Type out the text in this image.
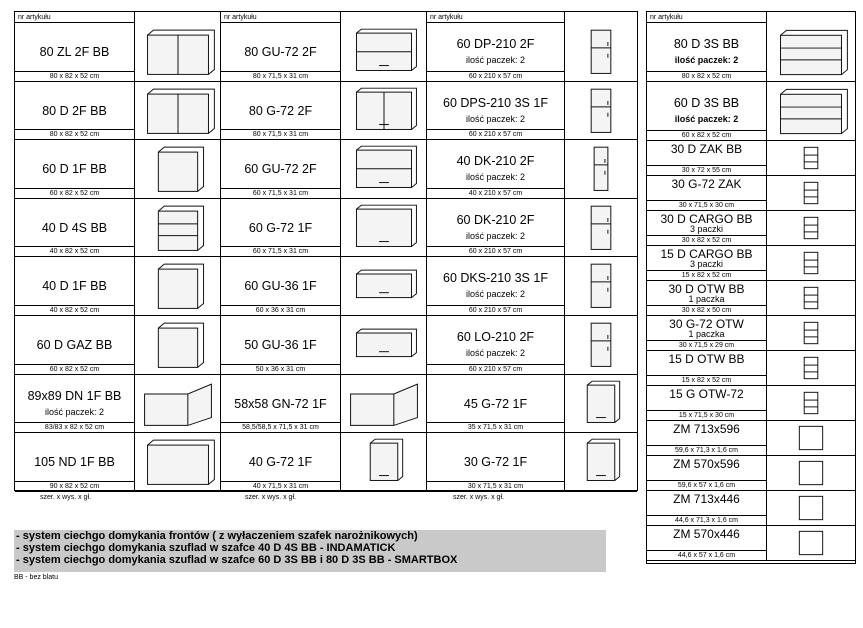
nr artykułu
80 ZL 2F BB
80 x 82 x 52 cm
80 D 2F BB
80 x 82 x 52 cm
60 D 1F BB
60 x 82 x 52 cm
40 D 4S BB
40 x 82 x 52 cm
40 D 1F BB
40 x 82 x 52 cm
60 D GAZ BB
60 x 82 x 52 cm
89x89 DN 1F BB
ilość paczek: 2
83/83 x 82 x 52 cm
105 ND 1F BB
90 x 82 x 52 cm
nr artykułu
80 GU-72 2F
80 x 71,5 x 31 cm
80 G-72 2F
80 x 71,5 x 31 cm
60 GU-72 2F
60 x 71,5 x 31 cm
60 G-72 1F
60 x 71,5 x 31 cm
60 GU-36 1F
60 x 36 x 31 cm
50 GU-36 1F
50 x 36 x 31 cm
58x58 GN-72 1F
58,5/58,5 x 71,5 x 31 cm
40 G-72 1F
40 x 71,5 x 31 cm
nr artykułu
60 DP-210 2F
ilość paczek: 2
60 x 210 x 57 cm
60 DPS-210 3S 1F
ilość paczek: 2
60 x 210 x 57 cm
40 DK-210 2F
ilość paczek: 2
40 x 210 x 57 cm
60 DK-210 2F
ilość paczek: 2
60 x 210 x 57 cm
60 DKS-210 3S 1F
ilość paczek: 2
60 x 210 x 57 cm
60 LO-210 2F
ilość paczek: 2
60 x 210 x 57 cm
45 G-72 1F
35 x 71,5 x 31 cm
30 G-72 1F
30 x 71,5 x 31 cm
nr artykułu
80 D 3S BB
ilość paczek: 2
80 x 82 x 52 cm
60 D 3S BB
ilość paczek: 2
60 x 82 x 52 cm
30 D ZAK BB
30 x 72 x 55 cm
30 G-72 ZAK
30 x 71,5 x 30 cm
30 D CARGO BB
3 paczki
30 x 82 x 52 cm
15 D CARGO BB
3 paczki
15 x 82 x 52 cm
30 D OTW BB
1 paczka
30 x 82 x 50 cm
30 G-72 OTW
1 paczka
30 x 71,5 x 29 cm
15 D OTW BB
15 x 82 x 52 cm
15 G OTW-72
15 x 71,5 x 30 cm
ZM 713x596
59,6 x 71,3 x 1,6 cm
ZM 570x596
59,6 x 57 x 1,6 cm
ZM 713x446
44,6 x 71,3 x 1,6 cm
ZM 570x446
44,6 x 57 x 1,6 cm
szer. x wys. x gł.	szer. x wys. x gł.	szer. x wys. x gł.
- system ciechgo domykania frontów ( z wyłaczeniem szafek narożnikowych)
- system ciechgo domykania szuflad w szafce 40 D 4S BB - INDAMATICK
- system ciechgo domykania szuflad w szafce 60 D 3S BB i 80 D 3S BB - SMARTBOX
BB - bez blatu
